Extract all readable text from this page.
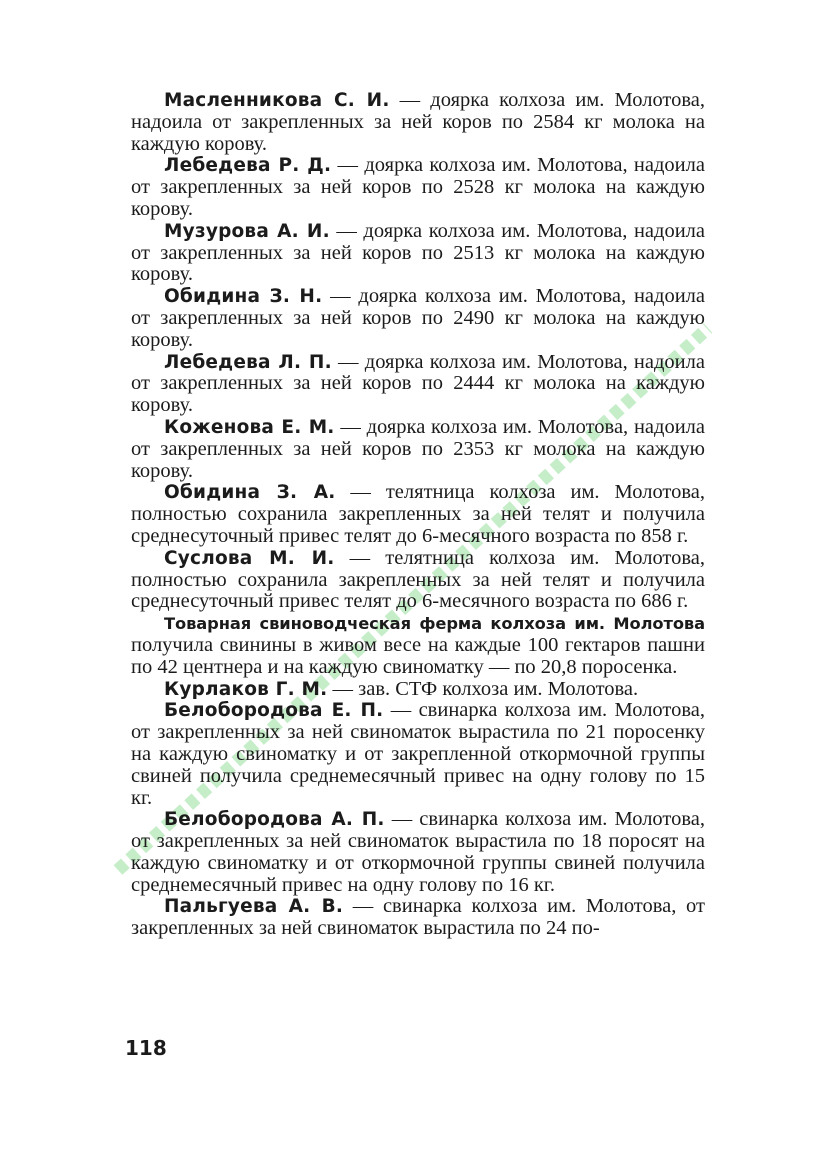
Масленникова С. И. — доярка колхоза им. Молотова, надоила от закрепленных за ней коров по 2584 кг молока на каждую корову.

Лебедева Р. Д. — доярка колхоза им. Молотова, надоила от закрепленных за ней коров по 2528 кг молока на каждую корову.

Музурова А. И. — доярка колхоза им. Молотова, надоила от закрепленных за ней коров по 2513 кг молока на каждую корову.

Обидина З. Н. — доярка колхоза им. Молотова, надоила от закрепленных за ней коров по 2490 кг молока на каждую корову.

Лебедева Л. П. — доярка колхоза им. Молотова, надоила от закрепленных за ней коров по 2444 кг молока на каждую корову.

Коженова Е. М. — доярка колхоза им. Молотова, надоила от закрепленных за ней коров по 2353 кг молока на каждую корову.

Обидина З. А. — телятница колхоза им. Молотова, полностью сохранила закрепленных за ней телят и получила среднесуточный привес телят до 6-месячного возраста по 858 г.

Суслова М. И. — телятница колхоза им. Молотова, полностью сохранила закрепленных за ней телят и получила среднесуточный привес телят до 6-месячного возраста по 686 г.

Товарная свиноводческая ферма колхоза им. Молотова получила свинины в живом весе на каждые 100 гектаров пашни по 42 центнера и на каждую свиноматку — по 20,8 поросенка.

Курлаков Г. М. — зав. СТФ колхоза им. Молотова.

Белобородова Е. П. — свинарка колхоза им. Молотова, от закрепленных за ней свиноматок вырастила по 21 поросенку на каждую свиноматку и от закрепленной откормочной группы свиней получила среднемесячный привес на одну голову по 15 кг.

Белобородова А. П. — свинарка колхоза им. Молотова, от закрепленных за ней свиноматок вырастила по 18 поросят на каждую свиноматку и от откормочной группы свиней получила среднемесячный привес на одну голову по 16 кг.

Пальгуева А. В. — свинарка колхоза им. Молотова, от закрепленных за ней свиноматок вырастила по 24 по-

118
